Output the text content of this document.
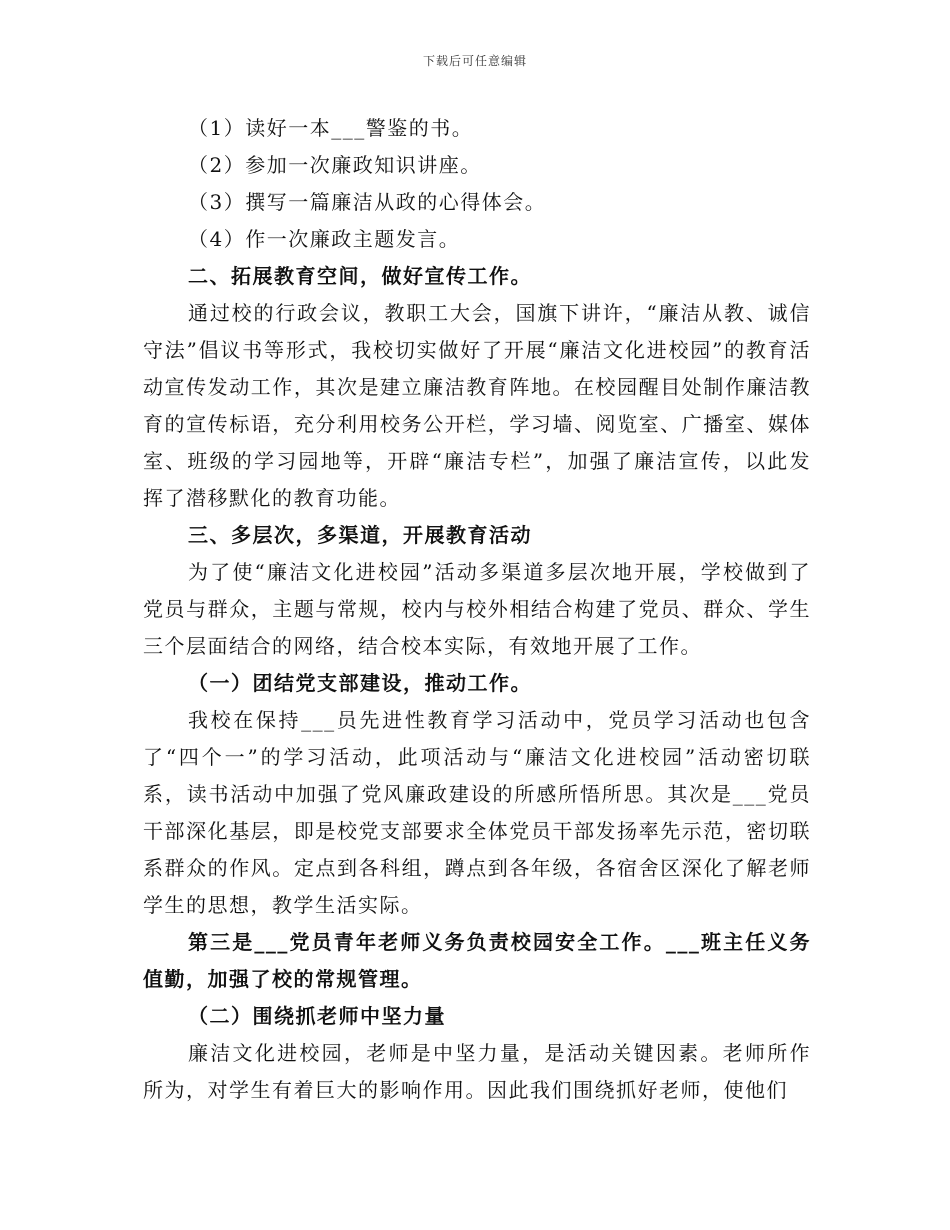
下载后可任意编辑

（1）读好一本___警鉴的书。

（2）参加一次廉政知识讲座。

（3）撰写一篇廉洁从政的心得体会。

（4）作一次廉政主题发言。

二、拓展教育空间，做好宣传工作。

通过校的行政会议，教职工大会，国旗下讲许，“廉洁从教、诚信守法”倡议书等形式，我校切实做好了开展“廉洁文化进校园”的教育活动宣传发动工作，其次是建立廉洁教育阵地。在校园醒目处制作廉洁教育的宣传标语，充分利用校务公开栏，学习墙、阅览室、广播室、媒体室、班级的学习园地等，开辟“廉洁专栏”，加强了廉洁宣传，以此发挥了潜移默化的教育功能。

三、多层次，多渠道，开展教育活动

为了使“廉洁文化进校园”活动多渠道多层次地开展，学校做到了党员与群众，主题与常规，校内与校外相结合构建了党员、群众、学生三个层面结合的网络，结合校本实际，有效地开展了工作。

（一）团结党支部建设，推动工作。

我校在保持___员先进性教育学习活动中，党员学习活动也包含了“四个一”的学习活动，此项活动与“廉洁文化进校园”活动密切联系，读书活动中加强了党风廉政建设的所感所悟所思。其次是___党员干部深化基层，即是校党支部要求全体党员干部发扬率先示范，密切联系群众的作风。定点到各科组，蹲点到各年级，各宿舍区深化了解老师学生的思想，教学生活实际。

第三是___党员青年老师义务负责校园安全工作。___班主任义务值勤，加强了校的常规管理。

（二）围绕抓老师中坚力量

廉洁文化进校园，老师是中坚力量，是活动关键因素。老师所作所为，对学生有着巨大的影响作用。因此我们围绕抓好老师，使他们
